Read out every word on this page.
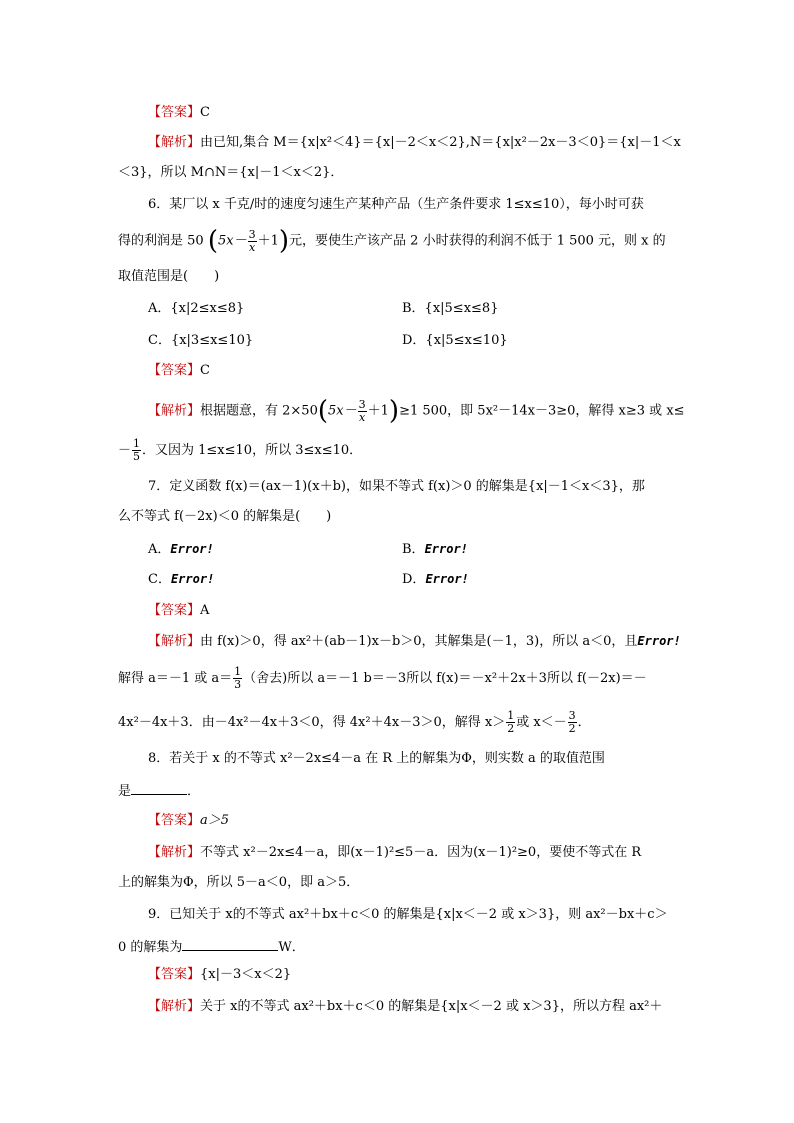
【答案】C
【解析】由已知,集合 M＝{x|x²＜4}＝{x|－2＜x＜2},N＝{x|x²－2x－3＜0}＝{x|－1＜x
＜3}，所以 M∩N＝{x|－1＜x＜2}．
6．某厂以 x 千克/时的速度匀速生产某种产品（生产条件要求 1≤x≤10），每小时可获
得的利润是 50 $(5x- \frac{3}{x} +1)$元，要使生产该产品 2 小时获得的利润不低于 1 500 元，则 x 的
取值范围是(　　)
A．{x|2≤x≤8}	B．{x|5≤x≤8}
C．{x|3≤x≤10}	D．{x|5≤x≤10}
【答案】C
【解析】根据题意，有 $2\times 50(5x- \frac{3}{x} +1)\ge 1$ 500，即 5x²－14x－3≥0，解得 x≥3 或 x≤
－ $\frac{1}{5}$ ．又因为 1≤x≤10，所以 3≤x≤10．
7．定义函数 f(x)＝(ax－1)(x＋b)，如果不等式 f(x)＞0 的解集是{x|－1＜x＜3}，那
么不等式 f(－2x)＜0 的解集是(　　)
A．Error!	B．Error!
C．Error!	D．Error!
【答案】A
【解析】由 f(x)＞0，得 ax²＋(ab－1)x－b＞0，其解集是(－1，3)，所以 a＜0，且Error!
解得 a＝－1 或 $a= \frac{1}{3}$ （舍去)所以 a＝－1 b＝－3所以 f(x)＝－x²＋2x＋3所以 f(－2x)＝－
4x²－4x＋3．由－4x²－4x＋3＜0，得 4x²＋4x－3＞0，解得 $x> \frac{1}{2}$ 或 $x<- \frac{3}{2}$ ．
8．若关于 x 的不等式 x²－2x≤4－a 在 R 上的解集为Φ，则实数 a 的取值范围
是	．
【答案】a＞5
【解析】不等式 x²－2x≤4－a，即(x－1)²≤5－a．因为(x－1)²≥0，要使不等式在 R
上的解集为Φ，所以 5－a＜0，即 a＞5．
9．已知关于 x的不等式 ax²＋bx＋c＜0 的解集是{x|x＜－2 或 x＞3}，则 ax²－bx＋c＞
0 的解集为	W．
【答案】{x|－3＜x＜2}
【解析】关于 x的不等式 ax²＋bx＋c＜0 的解集是{x|x＜－2 或 x＞3}，所以方程 ax²＋
